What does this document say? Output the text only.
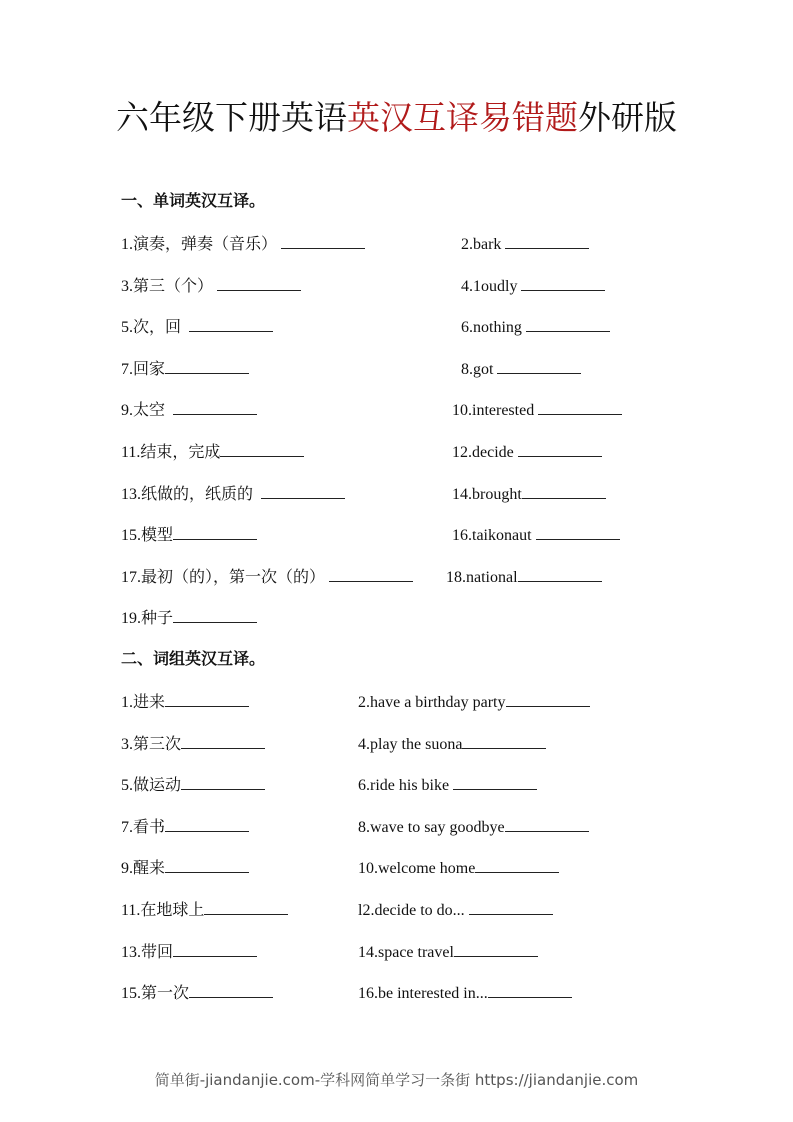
六年级下册英语英汉互译易错题外研版
一、单词英汉互译。
1.演奏，弹奏（音乐）	2.bark
3.第三（个）	4.1oudly
5.次，回	6.nothing
7.回家	8.got
9.太空	10.interested
11.结束，完成	12.decide
13.纸做的，纸质的	14.brought
15.模型	16.taikonaut
17.最初（的），第一次（的）	18.national
19.种子
二、词组英汉互译。
1.进来	2.have a birthday party
3.第三次	4.play the suona
5.做运动	6.ride his bike
7.看书	8.wave to say goodbye
9.醒来	10.welcome home
11.在地球上	l2.decide to do...
13.带回	14.space travel
15.第一次	16.be interested in...
简单街-jiandanjie.com-学科网简单学习一条街 https://jiandanjie.com
